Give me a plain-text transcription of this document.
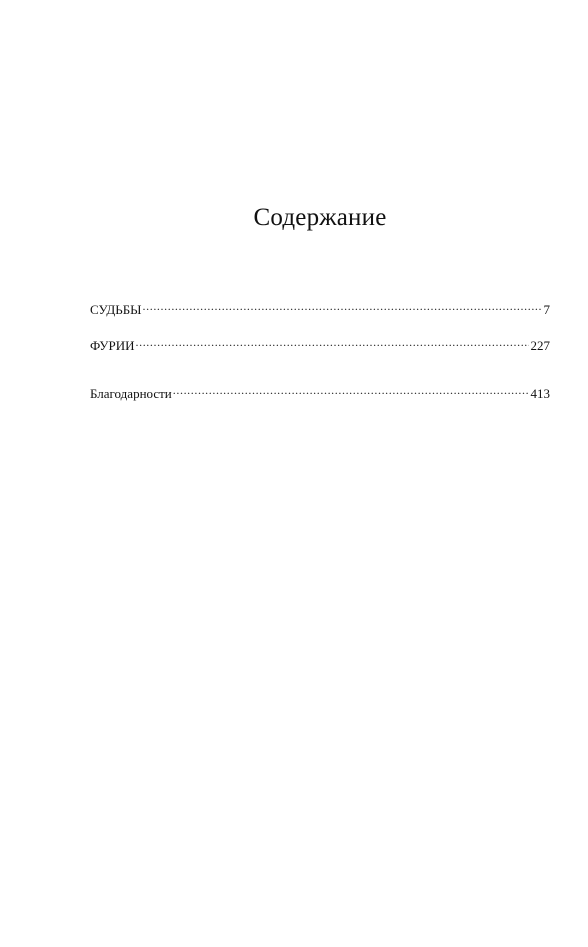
Содержание
СУДЬБЫ .....	7
ФУРИИ .....	227
Благодарности .....	413
